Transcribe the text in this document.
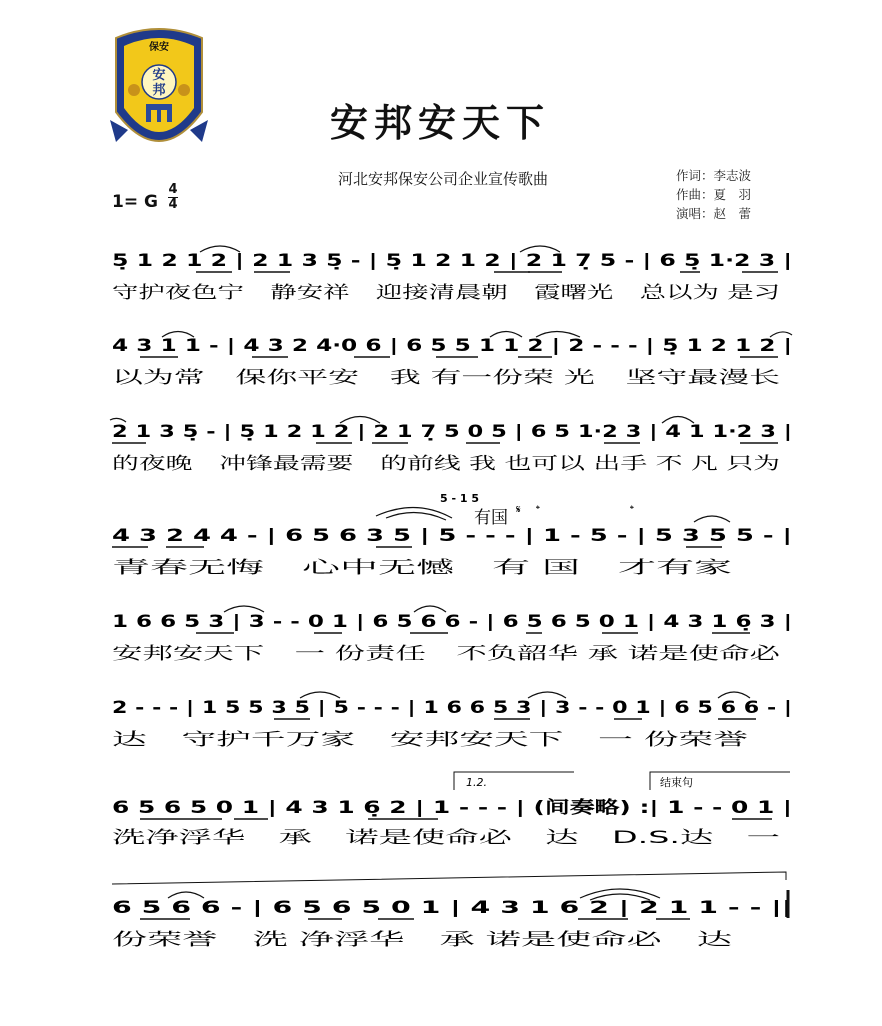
保安
安
邦
安邦安天下
河北安邦保安公司企业宣传歌曲	作词：李志波
作曲：夏　羽
演唱：赵　蕾
1= G
4
4
5̣ 1 2 1 2 | 2 1 3 5̣ - | 5̣ 1 2 1 2 | 2 1 7̣ 5 - | 6 5̣ 1·2 3 |
守护夜色宁　静安祥　迎接清晨朝　霞曙光　总以为 是习
4 3 1 1 - | 4 3 2 4·0 6 | 6 5 5 1 1 2 | 2 - - - | 5̣ 1 2 1 2 |
以为常　保你平安　我 有一份荣 光　坚守最漫长
2 1 3 5̣ - | 5̣ 1 2 1 2 | 2 1 7̣ 5 0 5 | 6 5 1·2 3 | 4 1 1·2 3 |
的夜晚　冲锋最需要　的前线 我 也可以 出手 不 凡 只为
5 - 1 5
有国 𝄋 𝄌	𝄌
4 3 2 4 4 - | 6 5 6 3 5 | 5 - - - | 1 - 5 - | 5 3 5 5 - |
青春无悔　心中无憾　有 国　才有家
1 6 6 5 3 | 3 - - 0 1 | 6 5 6 6 - | 6 5 6 5 0 1 | 4 3 1 6̣ 3 |
安邦安天下　一 份责任　不负韶华 承 诺是使命必
2 - - - | 1 5 5 3 5 | 5 - - - | 1 6 6 5 3 | 3 - - 0 1 | 6 5 6 6 - |
达　守护千万家　安邦安天下　一 份荣誉
1.2.	结束句
6 5 6 5 0 1 | 4 3 1 6̣ 2 | 1 - - - | (间奏略) :| 1 - - 0 1 |
洗净浮华　承　诺是使命必　达　D.S.达　一
6 5 6 6 - | 6 5 6 5 0 1 | 4 3 1 6 2 | 2 1 1 - - ||
份荣誉　洗 净浮华　承 诺是使命必　达
